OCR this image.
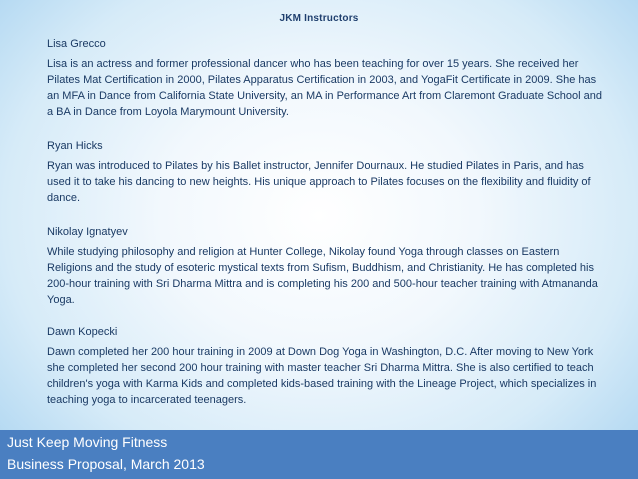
JKM Instructors
Lisa Grecco

Lisa is an actress and former professional dancer who has been teaching for over 15 years. She received her Pilates Mat Certification in 2000, Pilates Apparatus Certification in 2003, and YogaFit Certificate in 2009. She has an MFA in Dance from California State University, an MA in Performance Art from Claremont Graduate School and a BA in Dance from Loyola Marymount University.

Ryan Hicks

Ryan was introduced to Pilates by his Ballet instructor, Jennifer Dournaux. He studied Pilates in Paris, and has used it to take his dancing to new heights. His unique approach to Pilates focuses on the flexibility and fluidity of dance.

Nikolay Ignatyev

While studying philosophy and religion at Hunter College, Nikolay found Yoga through classes on Eastern Religions and the study of esoteric mystical texts from Sufism, Buddhism, and Christianity. He has completed his 200-hour training with Sri Dharma Mittra and is completing his 200 and 500-hour teacher training with Atmananda Yoga.

Dawn Kopecki

Dawn completed her 200 hour training in 2009 at Down Dog Yoga in Washington, D.C. After moving to New York she completed her second 200 hour training with master teacher Sri Dharma Mittra. She is also certified to teach children's yoga with Karma Kids and completed kids-based training with the Lineage Project, which specializes in teaching yoga to incarcerated teenagers.

Just Keep Moving Fitness
Business Proposal, March 2013
